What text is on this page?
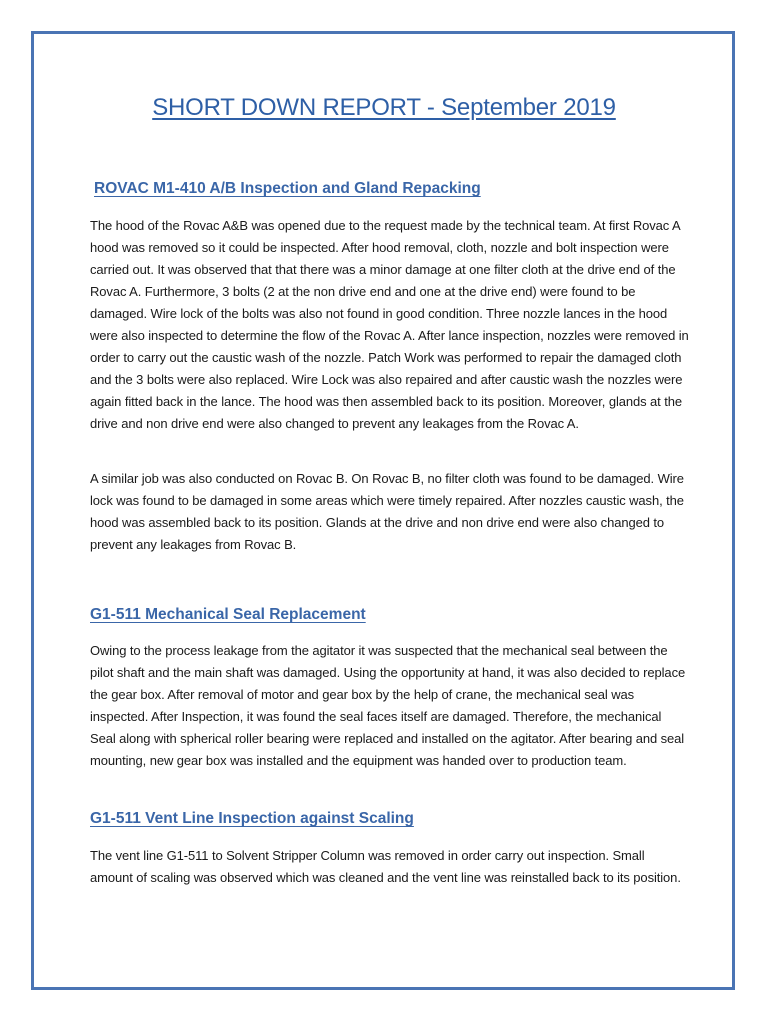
SHORT DOWN REPORT - September 2019
ROVAC M1-410 A/B Inspection and Gland Repacking

The hood of the Rovac A&B was opened due to the request made by the technical team. At first Rovac A hood was removed so it could be inspected. After hood removal, cloth, nozzle and bolt inspection were carried out. It was observed that that there was a minor damage at one filter cloth at the drive end of the Rovac A. Furthermore, 3 bolts (2 at the non drive end and one at the drive end) were found to be damaged. Wire lock of the bolts was also not found in good condition. Three nozzle lances in the hood were also inspected to determine the flow of the Rovac A. After lance inspection, nozzles were removed in order to carry out the caustic wash of the nozzle. Patch Work was performed to repair the damaged cloth and the 3 bolts were also replaced. Wire Lock was also repaired and after caustic wash the nozzles were again fitted back in the lance. The hood was then assembled back to its position. Moreover, glands at the drive and non drive end were also changed to prevent any leakages from the Rovac A.

A similar job was also conducted on Rovac B. On Rovac B, no filter cloth was found to be damaged. Wire lock was found to be damaged in some areas which were timely repaired. After nozzles caustic wash, the hood was assembled back to its position. Glands at the drive and non drive end were also changed to prevent any leakages from Rovac B.

G1-511 Mechanical Seal Replacement

Owing to the process leakage from the agitator it was suspected that the mechanical seal between the pilot shaft and the main shaft was damaged. Using the opportunity at hand, it was also decided to replace the gear box. After removal of motor and gear box by the help of crane, the mechanical seal was inspected. After Inspection, it was found the seal faces itself are damaged. Therefore, the mechanical Seal along with spherical roller bearing were replaced and installed on the agitator. After bearing and seal mounting, new gear box was installed and the equipment was handed over to production team.

G1-511 Vent Line Inspection against Scaling

The vent line G1-511 to Solvent Stripper Column was removed in order carry out inspection. Small amount of scaling was observed which was cleaned and the vent line was reinstalled back to its position.
